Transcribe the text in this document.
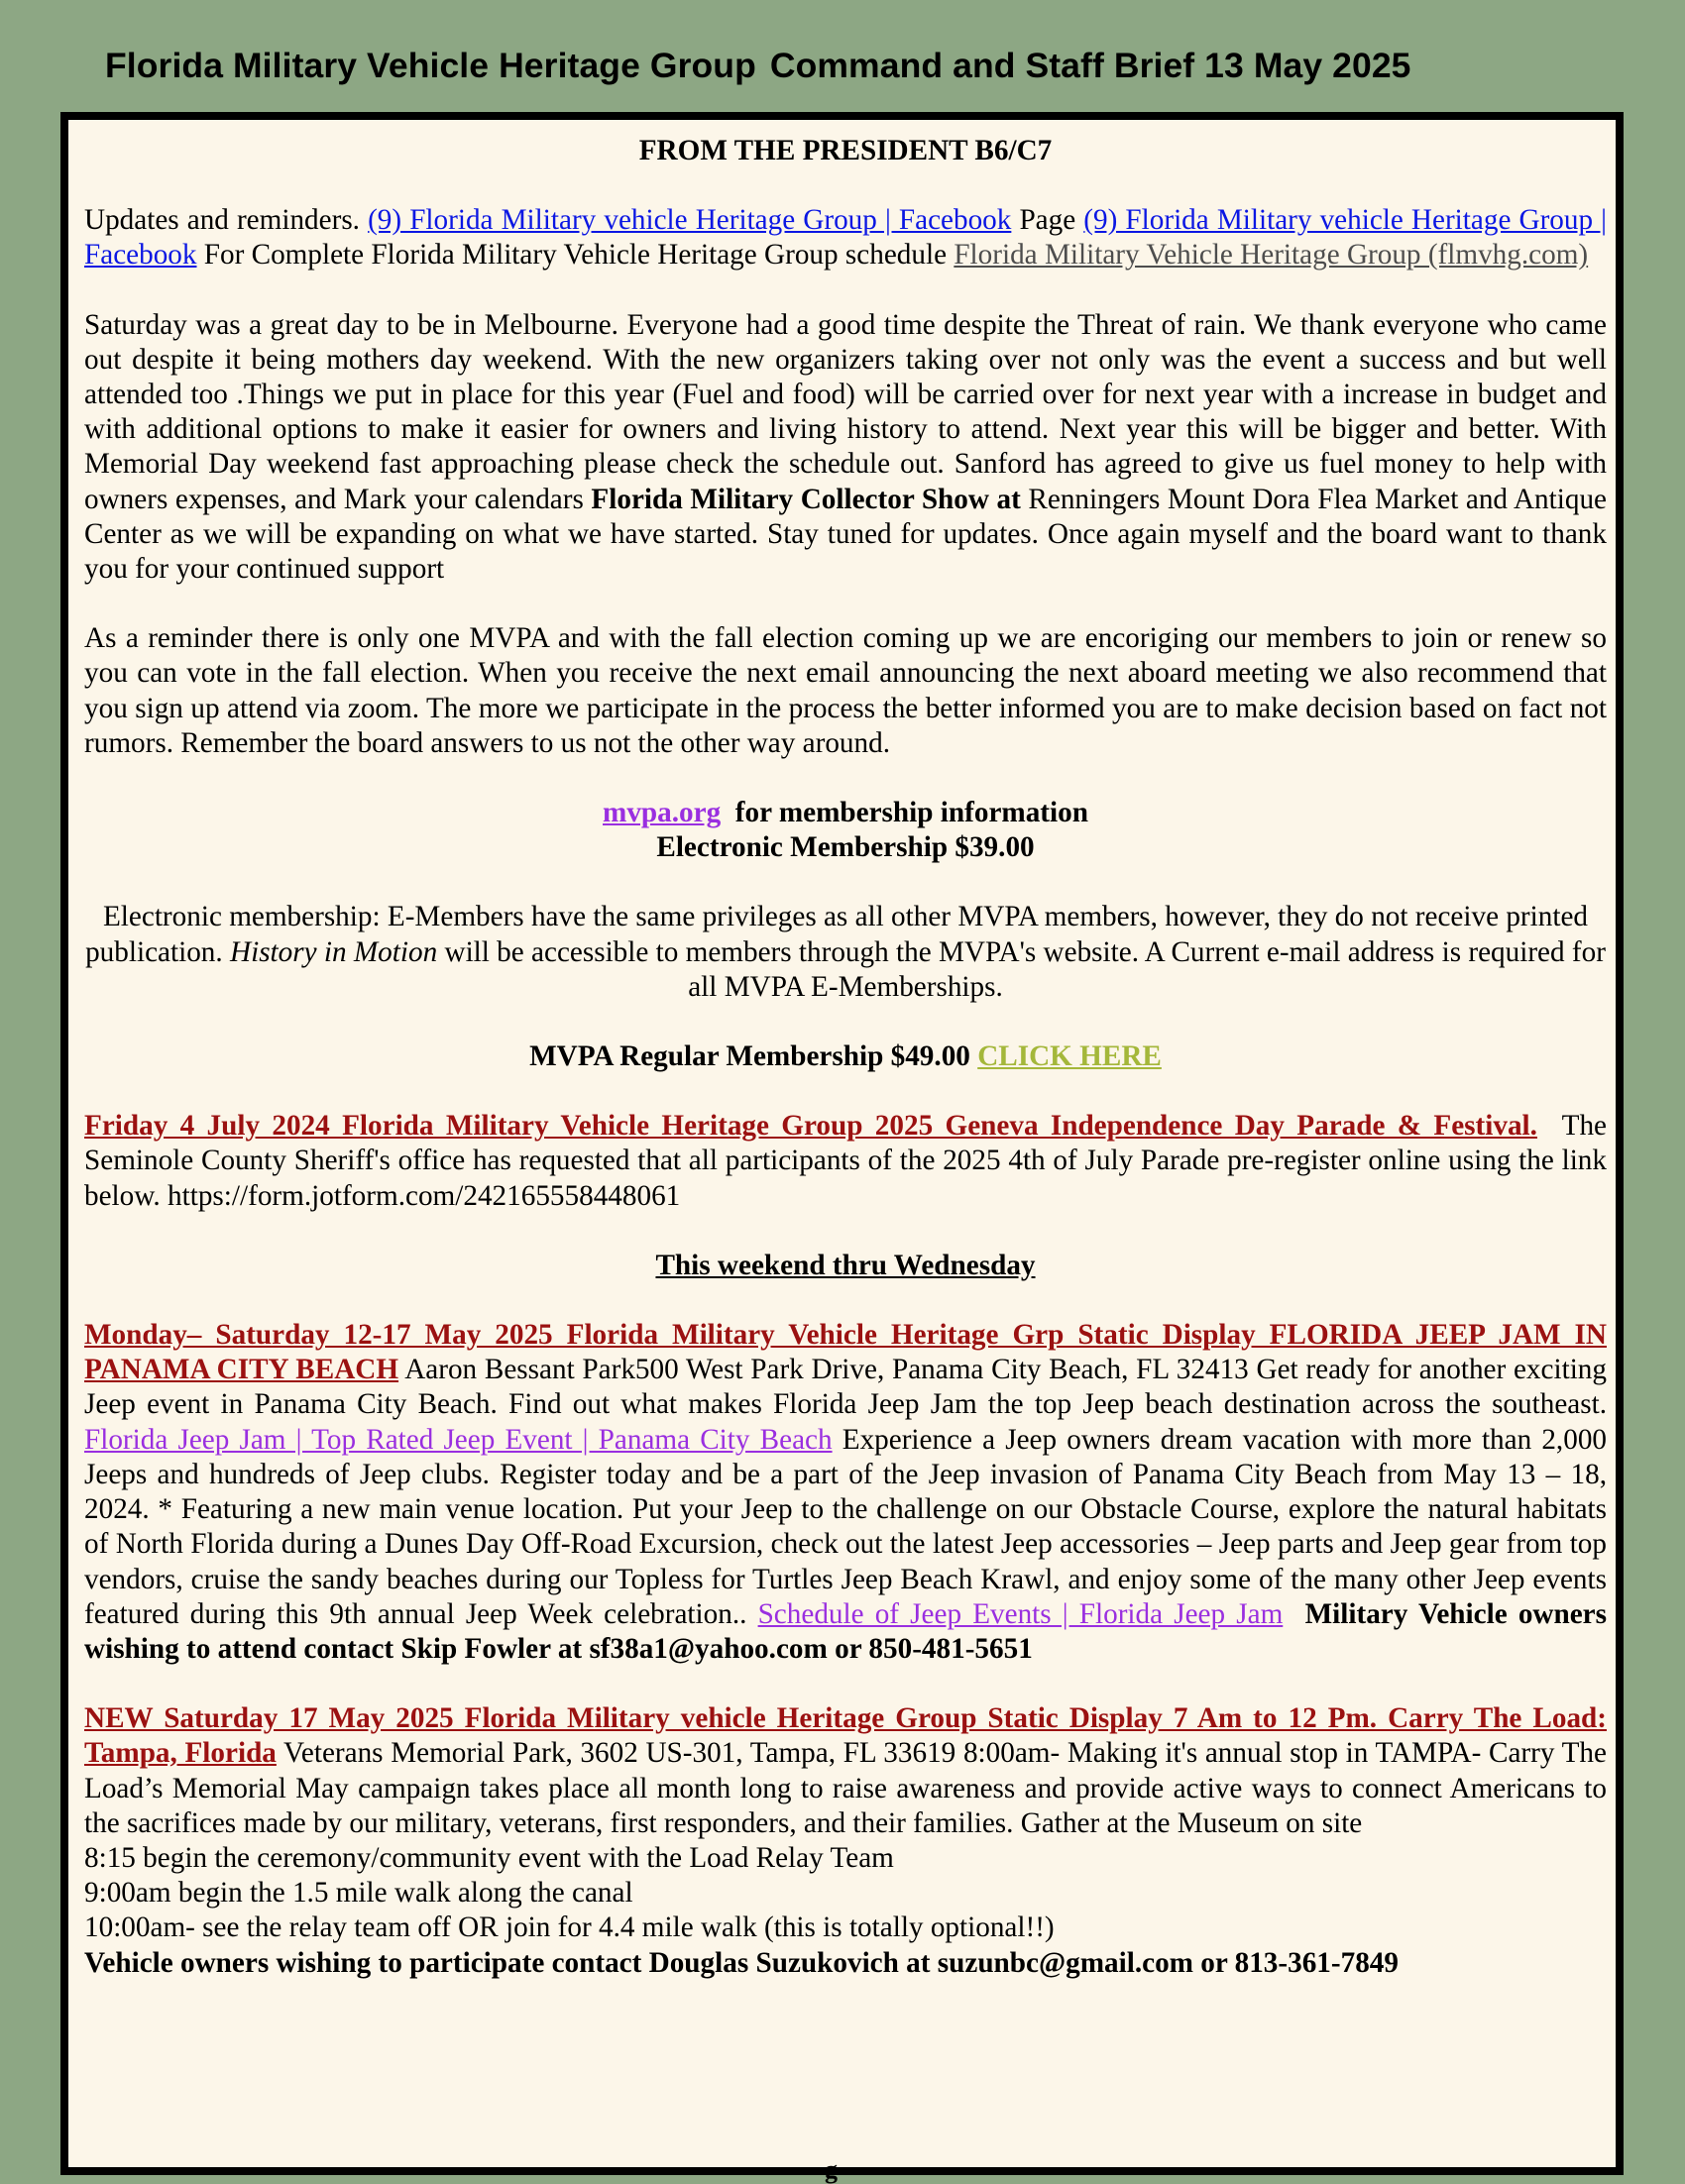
Florida Military Vehicle Heritage Group Command and Staff Brief 13 May 2025

FROM THE PRESIDENT B6/C7

Updates and reminders. (9) Florida Military vehicle Heritage Group | Facebook Page (9) Florida Military vehicle Heritage Group | Facebook For Complete Florida Military Vehicle Heritage Group schedule Florida Military Vehicle Heritage Group (flmvhg.com)

Saturday was a great day to be in Melbourne. Everyone had a good time despite the Threat of rain. We thank everyone who came out despite it being mothers day weekend. With the new organizers taking over not only was the event a success and but well attended too .Things we put in place for this year (Fuel and food) will be carried over for next year with a increase in budget and with additional options to make it easier for owners and living history to attend. Next year this will be bigger and better. With Memorial Day weekend fast approaching please check the schedule out. Sanford has agreed to give us fuel money to help with owners expenses, and Mark your calendars Florida Military Collector Show at Renningers Mount Dora Flea Market and Antique Center as we will be expanding on what we have started. Stay tuned for updates. Once again myself and the board want to thank you for your continued support

As a reminder there is only one MVPA and with the fall election coming up we are encoriging our members to join or renew so you can vote in the fall election. When you receive the next email announcing the next aboard meeting we also recommend that you sign up attend via zoom. The more we participate in the process the better informed you are to make decision based on fact not rumors. Remember the board answers to us not the other way around.

mvpa.org for membership information

Electronic Membership $39.00

Electronic membership: E-Members have the same privileges as all other MVPA members, however, they do not receive printed publication. History in Motion will be accessible to members through the MVPA's website. A Current e-mail address is required for all MVPA E-Memberships.

MVPA Regular Membership $49.00 CLICK HERE

Friday 4 July 2024 Florida Military Vehicle Heritage Group 2025 Geneva Independence Day Parade & Festival. The Seminole County Sheriff's office has requested that all participants of the 2025 4th of July Parade pre-register online using the link below. https://form.jotform.com/242165558448061

This weekend thru Wednesday

Monday– Saturday 12-17 May 2025 Florida Military Vehicle Heritage Grp Static Display FLORIDA JEEP JAM IN PANAMA CITY BEACH Aaron Bessant Park500 West Park Drive, Panama City Beach, FL 32413 Get ready for another exciting Jeep event in Panama City Beach. Find out what makes Florida Jeep Jam the top Jeep beach destination across the southeast. Florida Jeep Jam | Top Rated Jeep Event | Panama City Beach Experience a Jeep owners dream vacation with more than 2,000 Jeeps and hundreds of Jeep clubs. Register today and be a part of the Jeep invasion of Panama City Beach from May 13 – 18, 2024. * Featuring a new main venue location. Put your Jeep to the challenge on our Obstacle Course, explore the natural habitats of North Florida during a Dunes Day Off-Road Excursion, check out the latest Jeep accessories – Jeep parts and Jeep gear from top vendors, cruise the sandy beaches during our Topless for Turtles Jeep Beach Krawl, and enjoy some of the many other Jeep events featured during this 9th annual Jeep Week celebration.. Schedule of Jeep Events | Florida Jeep Jam Military Vehicle owners wishing to attend contact Skip Fowler at sf38a1@yahoo.com or 850-481-5651

NEW Saturday 17 May 2025 Florida Military vehicle Heritage Group Static Display 7 Am to 12 Pm. Carry The Load: Tampa, Florida Veterans Memorial Park, 3602 US-301, Tampa, FL 33619 8:00am- Making it's annual stop in TAMPA- Carry The Load’s Memorial May campaign takes place all month long to raise awareness and provide active ways to connect Americans to the sacrifices made by our military, veterans, first responders, and their families. Gather at the Museum on site

8:15 begin the ceremony/community event with the Load Relay Team

9:00am begin the 1.5 mile walk along the canal

10:00am- see the relay team off OR join for 4.4 mile walk (this is totally optional!!)

Vehicle owners wishing to participate contact Douglas Suzukovich at suzunbc@gmail.com or 813-361-7849

g
